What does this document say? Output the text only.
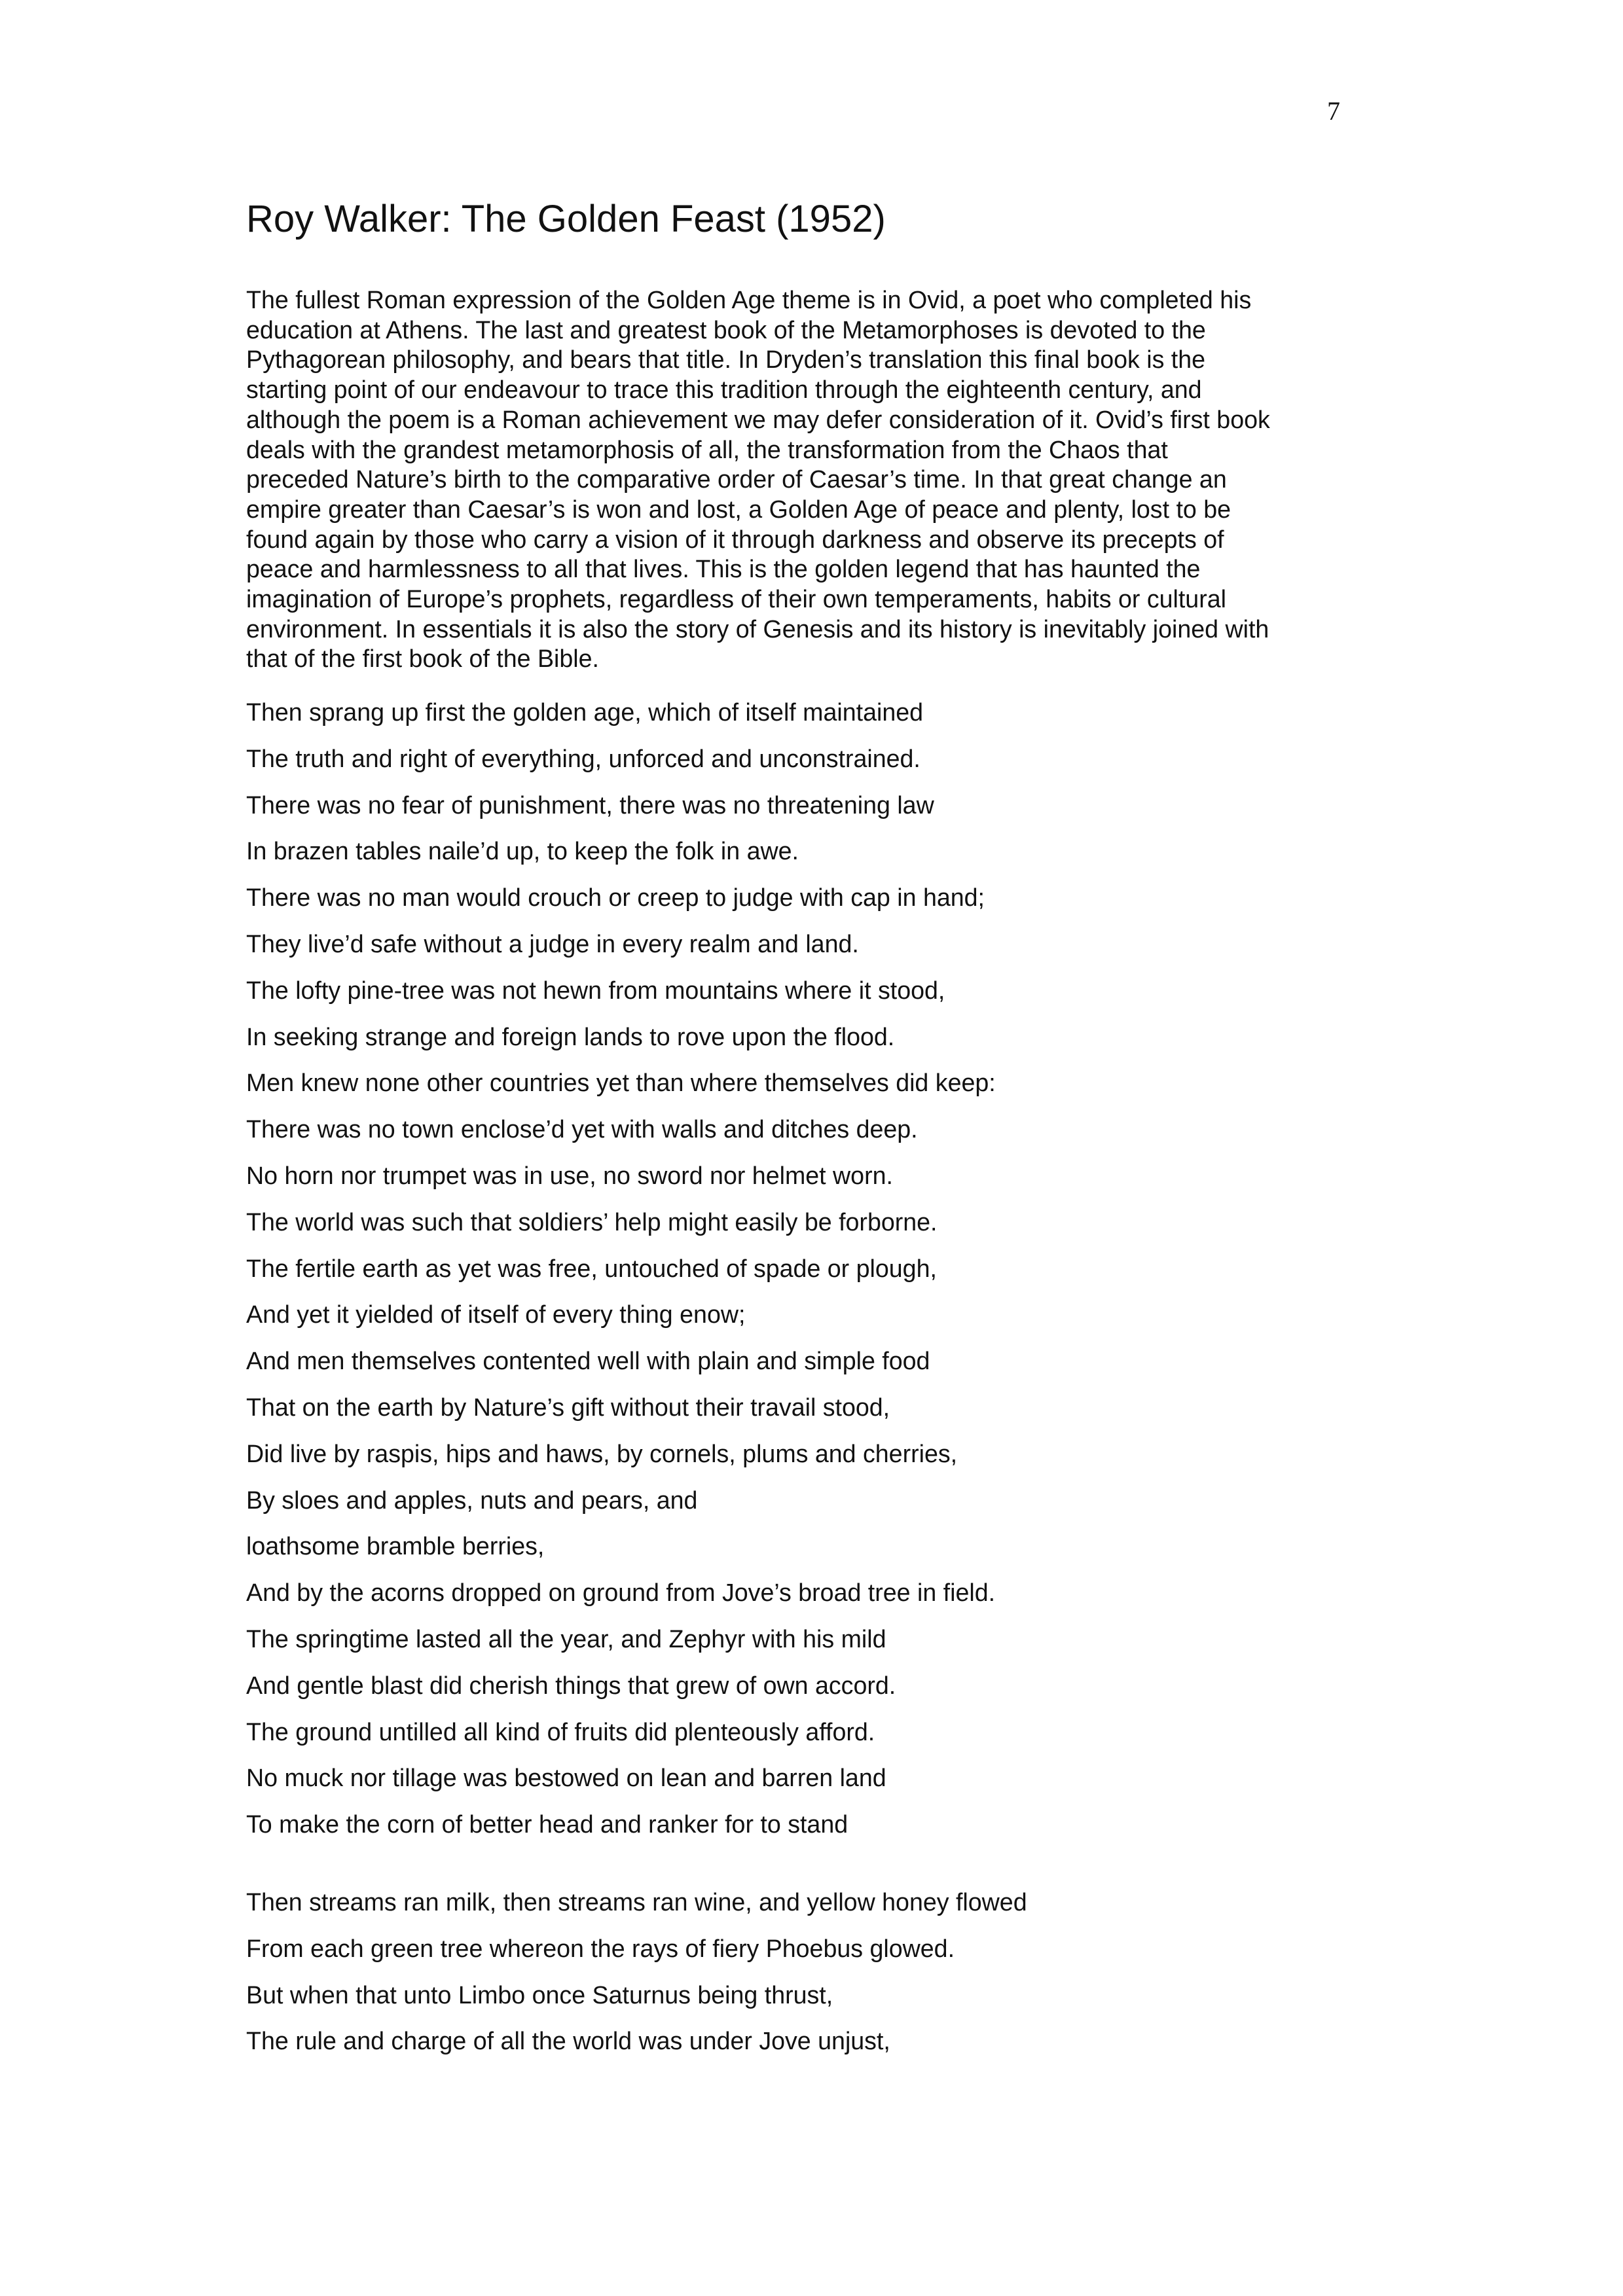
7
Roy Walker: The Golden Feast (1952)

The fullest Roman expression of the Golden Age theme is in Ovid, a poet who completed his
education at Athens. The last and greatest book of the Metamorphoses is devoted to the
Pythagorean philosophy, and bears that title. In Dryden’s translation this final book is the
starting point of our endeavour to trace this tradition through the eighteenth century, and
although the poem is a Roman achievement we may defer consideration of it. Ovid’s first book
deals with the grandest metamorphosis of all, the transformation from the Chaos that
preceded Nature’s birth to the comparative order of Caesar’s time. In that great change an
empire greater than Caesar’s is won and lost, a Golden Age of peace and plenty, lost to be
found again by those who carry a vision of it through darkness and observe its precepts of
peace and harmlessness to all that lives. This is the golden legend that has haunted the
imagination of Europe’s prophets, regardless of their own temperaments, habits or cultural
environment. In essentials it is also the story of Genesis and its history is inevitably joined with
that of the first book of the Bible.

Then sprang up first the golden age, which of itself maintained
The truth and right of everything, unforced and unconstrained.
There was no fear of punishment, there was no threatening law
In brazen tables naile’d up, to keep the folk in awe.
There was no man would crouch or creep to judge with cap in hand;
They live’d safe without a judge in every realm and land.
The lofty pine-tree was not hewn from mountains where it stood,
In seeking strange and foreign lands to rove upon the flood.
Men knew none other countries yet than where themselves did keep:
There was no town enclose’d yet with walls and ditches deep.
No horn nor trumpet was in use, no sword nor helmet worn.
The world was such that soldiers’ help might easily be forborne.
The fertile earth as yet was free, untouched of spade or plough,
And yet it yielded of itself of every thing enow;
And men themselves contented well with plain and simple food
That on the earth by Nature’s gift without their travail stood,
Did live by raspis, hips and haws, by cornels, plums and cherries,
By sloes and apples, nuts and pears, and
loathsome bramble berries,
And by the acorns dropped on ground from Jove’s broad tree in field.
The springtime lasted all the year, and Zephyr with his mild
And gentle blast did cherish things that grew of own accord.
The ground untilled all kind of fruits did plenteously afford.
No muck nor tillage was bestowed on lean and barren land
To make the corn of better head and ranker for to stand
Then streams ran milk, then streams ran wine, and yellow honey flowed
From each green tree whereon the rays of fiery Phoebus glowed.
But when that unto Limbo once Saturnus being thrust,
The rule and charge of all the world was under Jove unjust,
